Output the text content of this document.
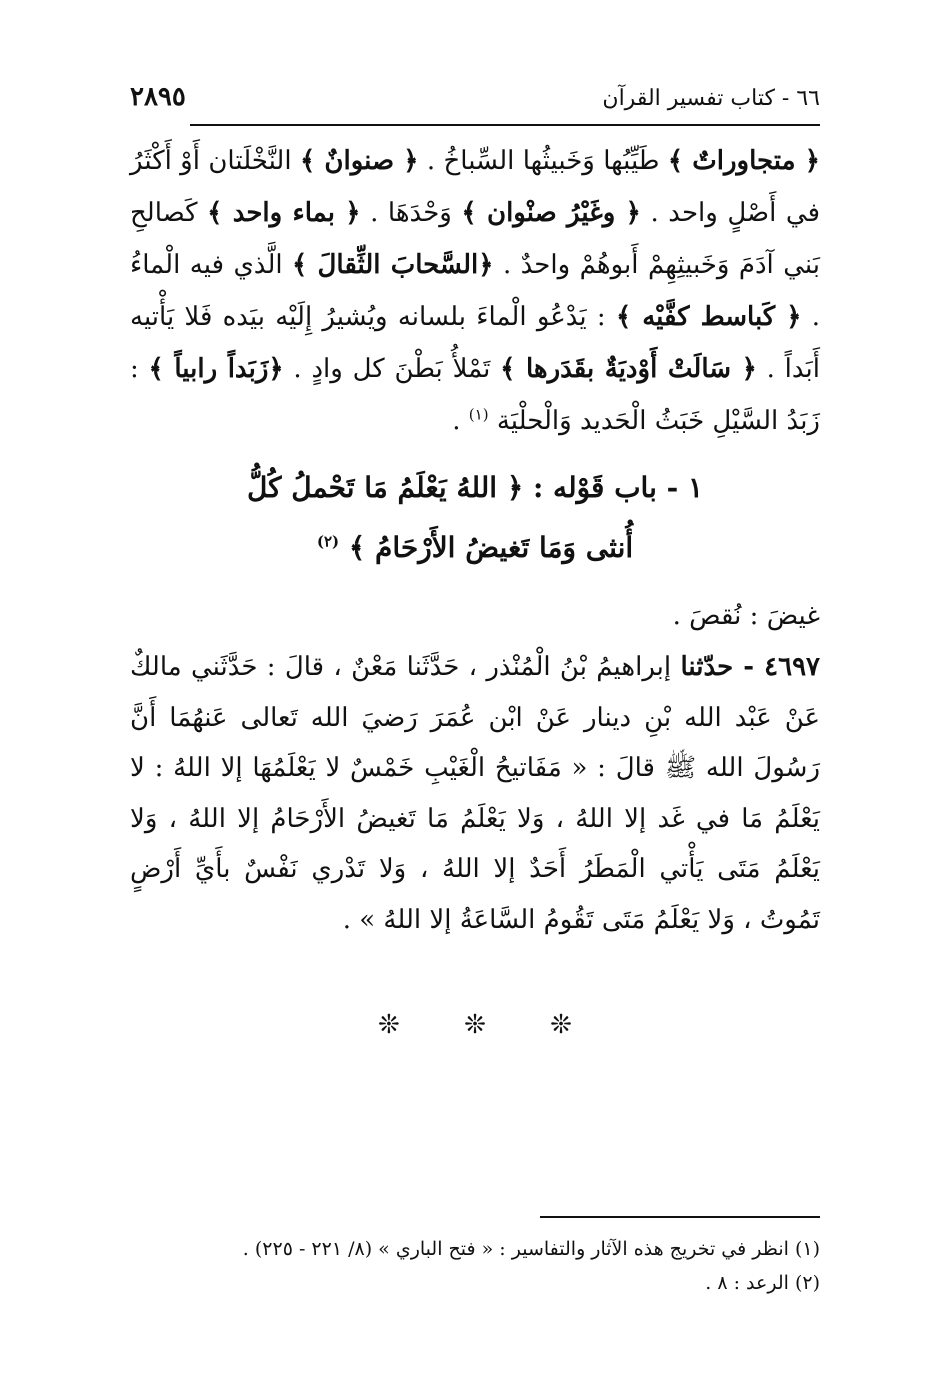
٦٦ - كتاب تفسير القرآن
٢٨٩٥

﴿ متجاوراتٌ ﴾ طَيِّبُها وَخَبيثُها السِّباخُ . ﴿ صنوانٌ ﴾ النَّخْلَتان أَوْ أَكْثَرُ في أَصْلٍ واحد . ﴿ وغَيْرُ صنْوان ﴾ وَحْدَهَا . ﴿ بماء واحد ﴾ كَصالحِ بَني آدَمَ وَخَبيثِهِمْ أَبوهُمْ واحدٌ . ﴿السَّحابَ الثِّقالَ ﴾ الَّذي فيه الْماءُ . ﴿ كَباسط كفَّيْه ﴾ : يَدْعُو الْماءَ بلسانه ويُشيرُ إِلَيْه بيَده فَلا يَأْتيه أَبَداً . ﴿ سَالَتْ أَوْديَةٌ بقَدَرها ﴾ تَمْلأُ بَطْنَ كل وادٍ . ﴿زَبَداً رابياً ﴾ : زَبَدُ السَّيْلِ خَبَثُ الْحَديد وَالْحلْيَة $^{(١)}$ .

١ - باب قَوْله : ﴿ اللهُ يَعْلَمُ مَا تَحْملُ كُلُّ
أُنثى وَمَا تَغيضُ الأَرْحَامُ ﴾ $^{(٢)}$
غيضَ : نُقصَ .

٤٦٩٧ - حدّثنا إبراهيمُ بْنُ الْمُنْذر ، حَدَّثَنا مَعْنٌ ، قالَ : حَدَّثَني مالكٌ عَنْ عَبْد الله بْنِ دينار عَنْ ابْن عُمَرَ رَضيَ الله تَعالى عَنهُمَا أَنَّ رَسُولَ الله ﷺ قالَ : « مَفَاتيحُ الْغَيْبِ خَمْسٌ لا يَعْلَمُهَا إلا اللهُ : لا يَعْلَمُ مَا في غَد إلا اللهُ ، وَلا يَعْلَمُ مَا تَغيضُ الأَرْحَامُ إلا اللهُ ، وَلا يَعْلَمُ مَتَى يَأْتي الْمَطَرُ أَحَدٌ إلا اللهُ ، وَلا تَدْري نَفْسٌ بأَيِّ أَرْضٍ تَمُوتُ ، وَلا يَعْلَمُ مَتَى تَقُومُ السَّاعَةُ إلا اللهُ » .

❊ ❊ ❊

(١) انظر في تخريج هذه الآثار والتفاسير : « فتح الباري » (٨/ ٢٢١ - ٢٢٥) .

(٢) الرعد : ٨ .
